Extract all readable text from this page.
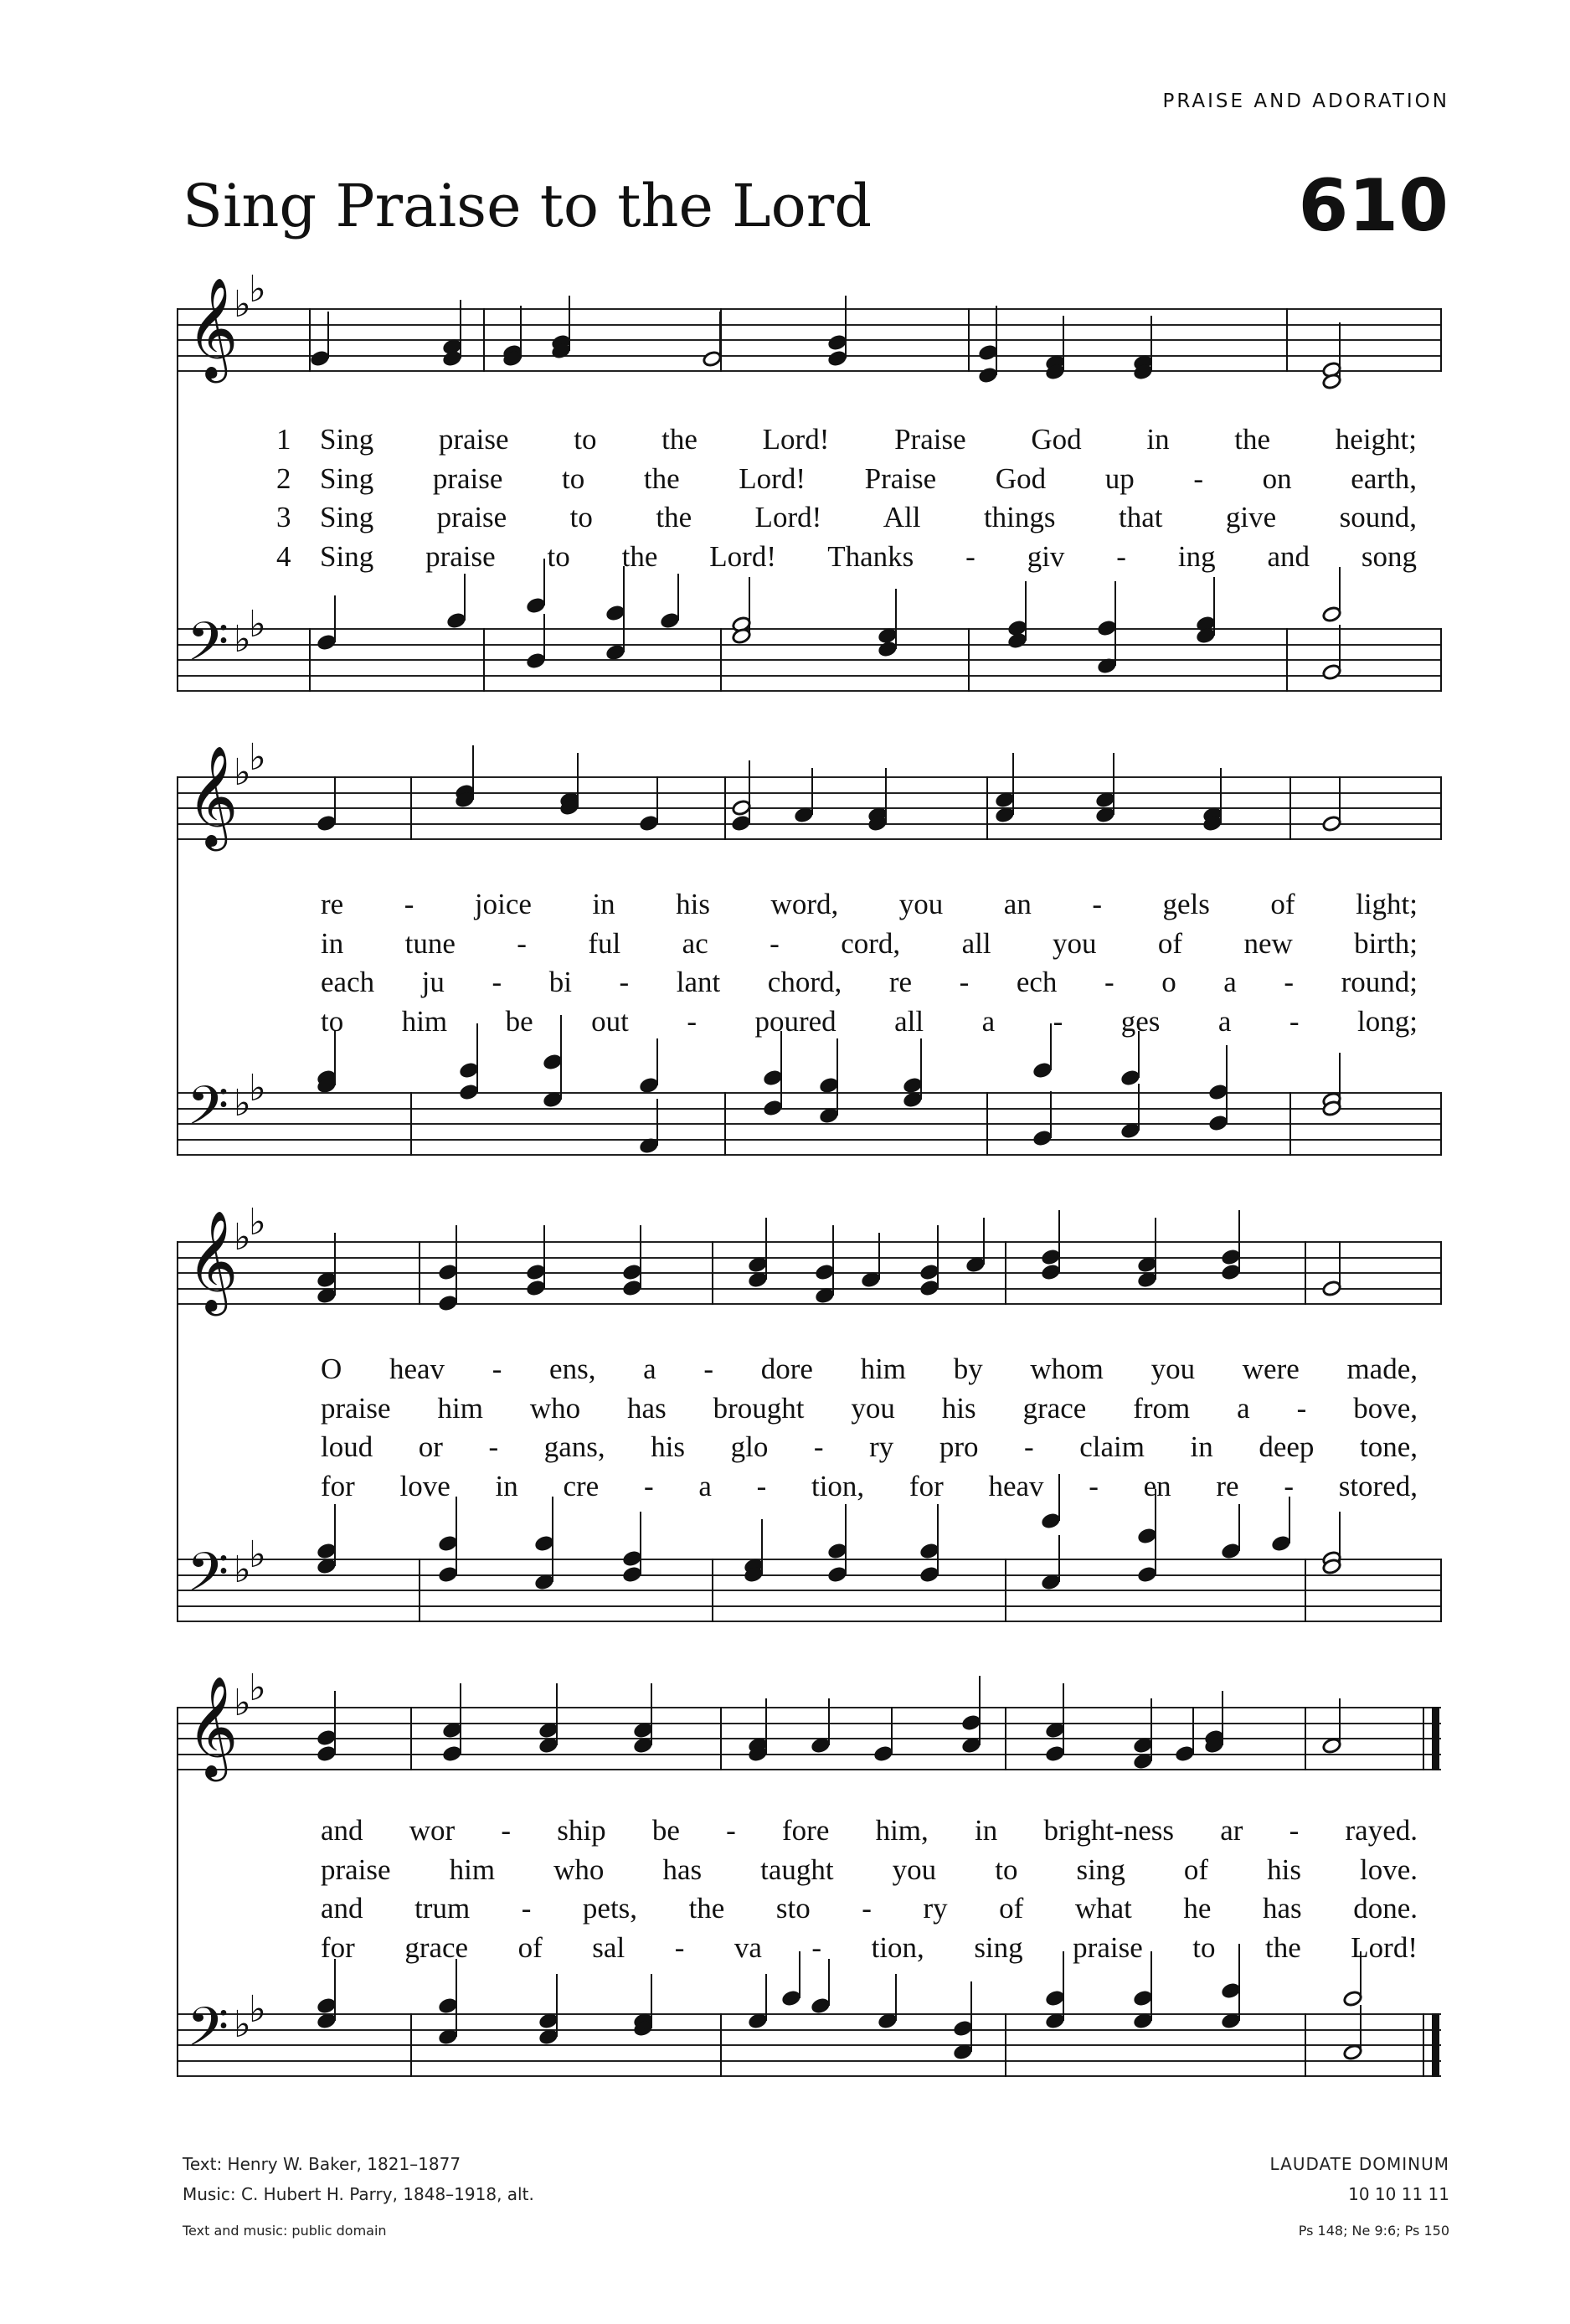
PRAISE AND ADORATION
Sing Praise to the Lord	610
𝄞
♭
♭
𝄢 ♭
♭
1 Sing praise to the Lord! Praise God in the height;
2 Sing praise to the Lord! Praise God up - on earth,
3 Sing praise to the Lord! All things that give sound,
4 Sing praise to the Lord! Thanks - giv - ing and song
𝄞
♭
♭
𝄢 ♭
♭
re - joice in his word, you an - gels of light;
in tune - ful ac - cord, all you of new birth;
each ju - bi - lant chord, re - ech - o a - round;
to him be out - poured all a - ges a - long;
𝄞
♭
♭
𝄢 ♭
♭
O heav - ens, a - dore him by whom you were made,
praise him who has brought you his grace from a - bove,
loud or - gans, his glo - ry pro - claim in deep tone,
for love in cre - a - tion, for heav - en re - stored,
𝄞
♭
♭
𝄢 ♭
♭
and wor - ship be - fore him, in bright-ness ar - rayed.
praise him who has taught you to sing of his love.
and trum - pets, the sto - ry of what he has done.
for grace of sal - va - tion, sing praise to the Lord!
Text: Henry W. Baker, 1821–1877
Music: C. Hubert H. Parry, 1848–1918, alt.
Text and music: public domain
LAUDATE DOMINUM
10 10 11 11
Ps 148; Ne 9:6; Ps 150
